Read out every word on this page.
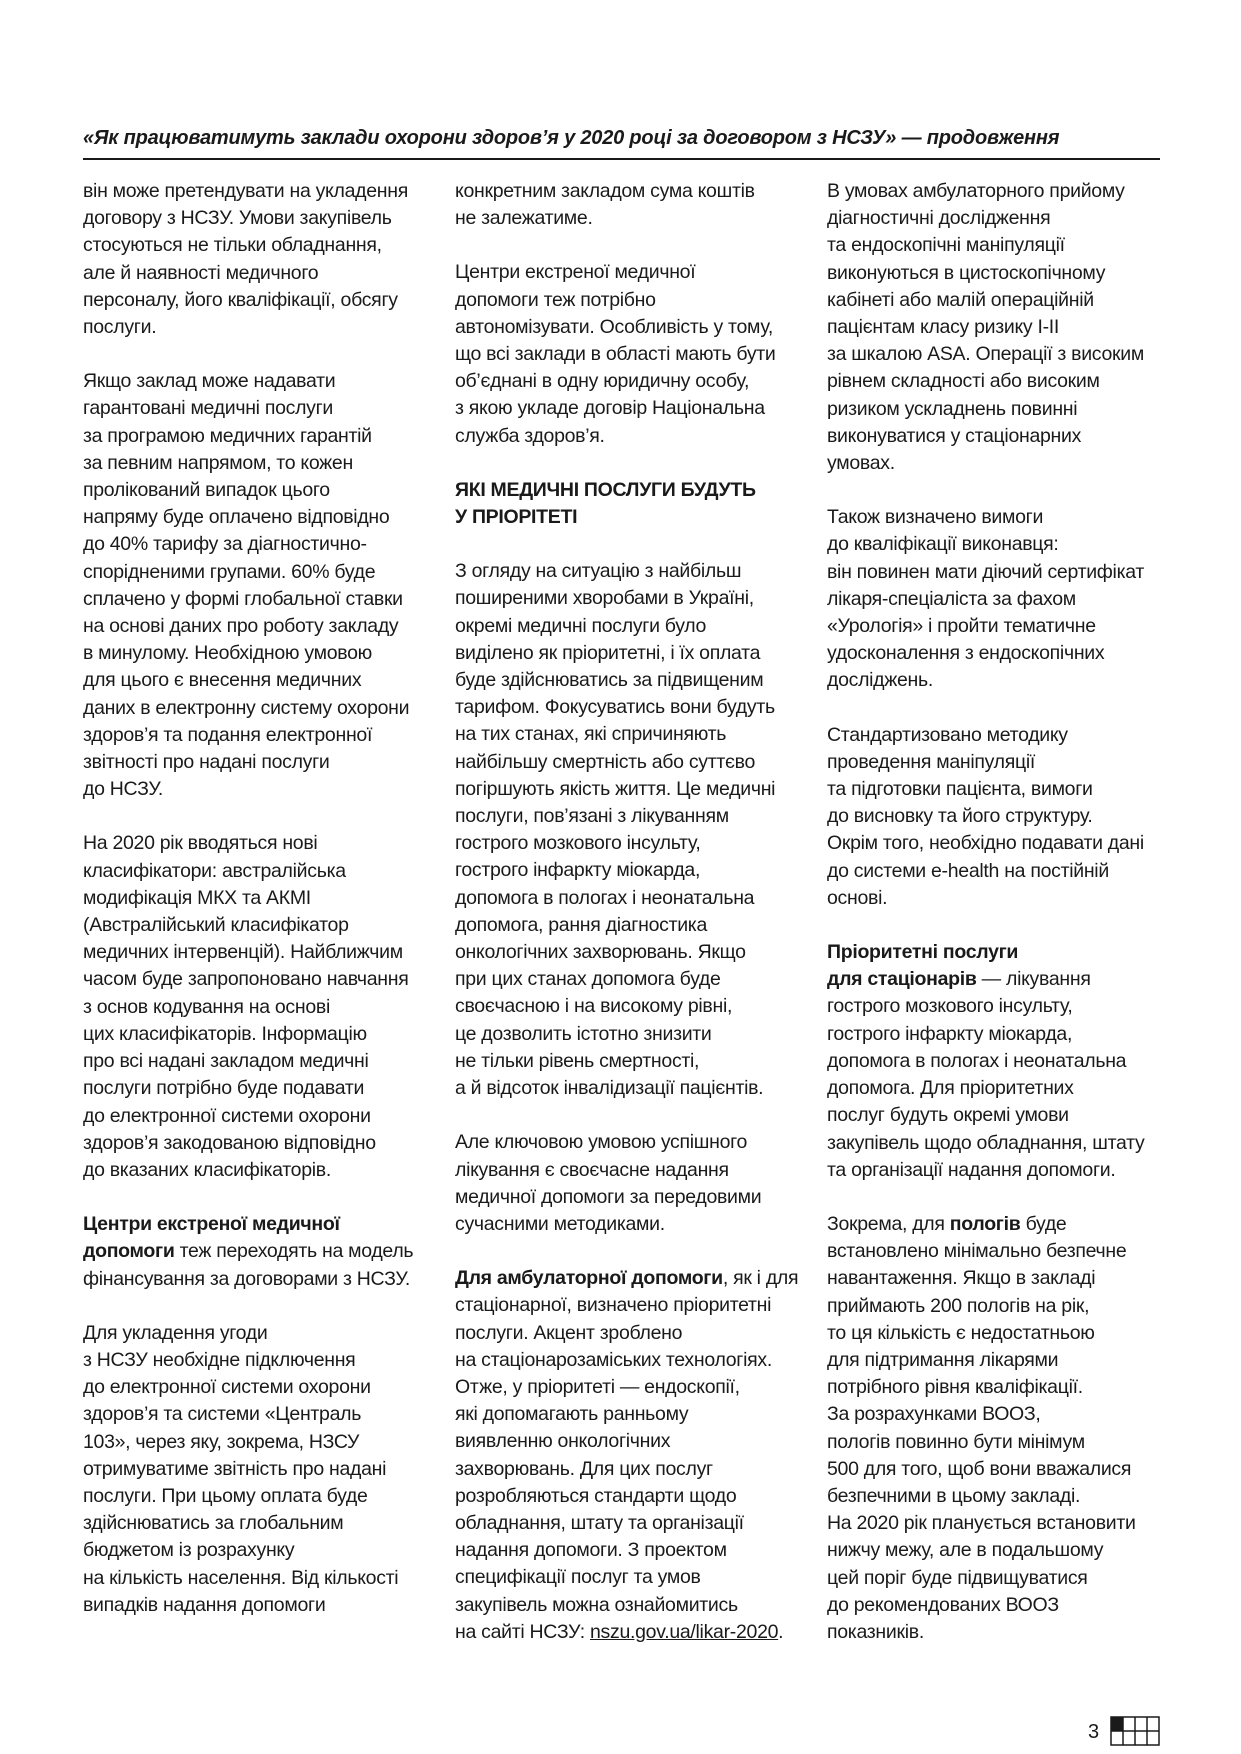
«Як працюватимуть заклади охорони здоров’я у 2020 році за договором з НСЗУ» — продовження

він може претендувати на укладення
договору з НСЗУ. Умови закупівель
стосуються не тільки обладнання,
але й наявності медичного
персоналу, його кваліфікації, обсягу
послуги.

Якщо заклад може надавати
гарантовані медичні послуги
за програмою медичних гарантій
за певним напрямом, то кожен
пролікований випадок цього
напряму буде оплачено відповідно
до 40% тарифу за діагностично-
спорідненими групами. 60% буде
сплачено у формі глобальної ставки
на основі даних про роботу закладу
в минулому. Необхідною умовою
для цього є внесення медичних
даних в електронну систему охорони
здоров’я та подання електронної
звітності про надані послуги
до НСЗУ.

На 2020 рік вводяться нові
класифікатори: австралійська
модифікація МКХ та АКМІ
(Австралійський класифікатор
медичних інтервенцій). Найближчим
часом буде запропоновано навчання
з основ кодування на основі
цих класифікаторів. Інформацію
про всі надані закладом медичні
послуги потрібно буде подавати
до електронної системи охорони
здоров’я закодованою відповідно
до вказаних класифікаторів.

Центри екстреної медичної
допомоги теж переходять на модель
фінансування за договорами з НСЗУ.

Для укладення угоди
з НСЗУ необхідне підключення
до електронної системи охорони
здоров’я та системи «Централь
103», через яку, зокрема, НЗСУ
отримуватиме звітність про надані
послуги. При цьому оплата буде
здійснюватись за глобальним
бюджетом із розрахунку
на кількість населення. Від кількості
випадків надання допомоги

конкретним закладом сума коштів
не залежатиме.

Центри екстреної медичної
допомоги теж потрібно
автономізувати. Особливість у тому,
що всі заклади в області мають бути
об’єднані в одну юридичну особу,
з якою укладе договір Національна
служба здоров’я.

ЯКІ МЕДИЧНІ ПОСЛУГИ БУДУТЬ
У ПРІОРІТЕТІ

З огляду на ситуацію з найбільш
поширеними хворобами в Україні,
окремі медичні послуги було
виділено як пріоритетні, і їх оплата
буде здійснюватись за підвищеним
тарифом. Фокусуватись вони будуть
на тих станах, які спричиняють
найбільшу смертність або суттєво
погіршують якість життя. Це медичні
послуги, пов’язані з лікуванням
гострого мозкового інсульту,
гострого інфаркту міокарда,
допомога в пологах і неонатальна
допомога, рання діагностика
онкологічних захворювань. Якщо
при цих станах допомога буде
своєчасною і на високому рівні,
це дозволить істотно знизити
не тільки рівень смертності,
а й відсоток інвалідизації пацієнтів.

Але ключовою умовою успішного
лікування є своєчасне надання
медичної допомоги за передовими
сучасними методиками.

Для амбулаторної допомоги, як і для
стаціонарної, визначено пріоритетні
послуги. Акцент зроблено
на стаціонарозаміських технологіях.
Отже, у пріоритеті — ендоскопії,
які допомагають ранньому
виявленню онкологічних
захворювань. Для цих послуг
розробляються стандарти щодо
обладнання, штату та організації
надання допомоги. З проектом
специфікації послуг та умов
закупівель можна ознайомитись
на сайті НСЗУ: nszu.gov.ua/likar-2020.

В умовах амбулаторного прийому
діагностичні дослідження
та ендоскопічні маніпуляції
виконуються в цистоскопічному
кабінеті або малій операційній
пацієнтам класу ризику I-II
за шкалою ASA. Операції з високим
рівнем складності або високим
ризиком ускладнень повинні
виконуватися у стаціонарних
умовах.

Також визначено вимоги
до кваліфікації виконавця:
він повинен мати діючий сертифікат
лікаря-спеціаліста за фахом
«Урологія» і пройти тематичне
удосконалення з ендоскопічних
досліджень.

Стандартизовано методику
проведення маніпуляції
та підготовки пацієнта, вимоги
до висновку та його структуру.
Окрім того, необхідно подавати дані
до системи e-health на постійній
основі.

Пріоритетні послуги
для стаціонарів — лікування
гострого мозкового інсульту,
гострого інфаркту міокарда,
допомога в пологах і неонатальна
допомога. Для пріоритетних
послуг будуть окремі умови
закупівель щодо обладнання, штату
та організації надання допомоги.

Зокрема, для пологів буде
встановлено мінімально безпечне
навантаження. Якщо в закладі
приймають 200 пологів на рік,
то ця кількість є недостатньою
для підтримання лікарями
потрібного рівня кваліфікації.
За розрахунками ВООЗ,
пологів повинно бути мінімум
500 для того, щоб вони вважалися
безпечними в цьому закладі.
На 2020 рік планується встановити
нижчу межу, але в подальшому
цей поріг буде підвищуватися
до рекомендованих ВООЗ
показників.

3
